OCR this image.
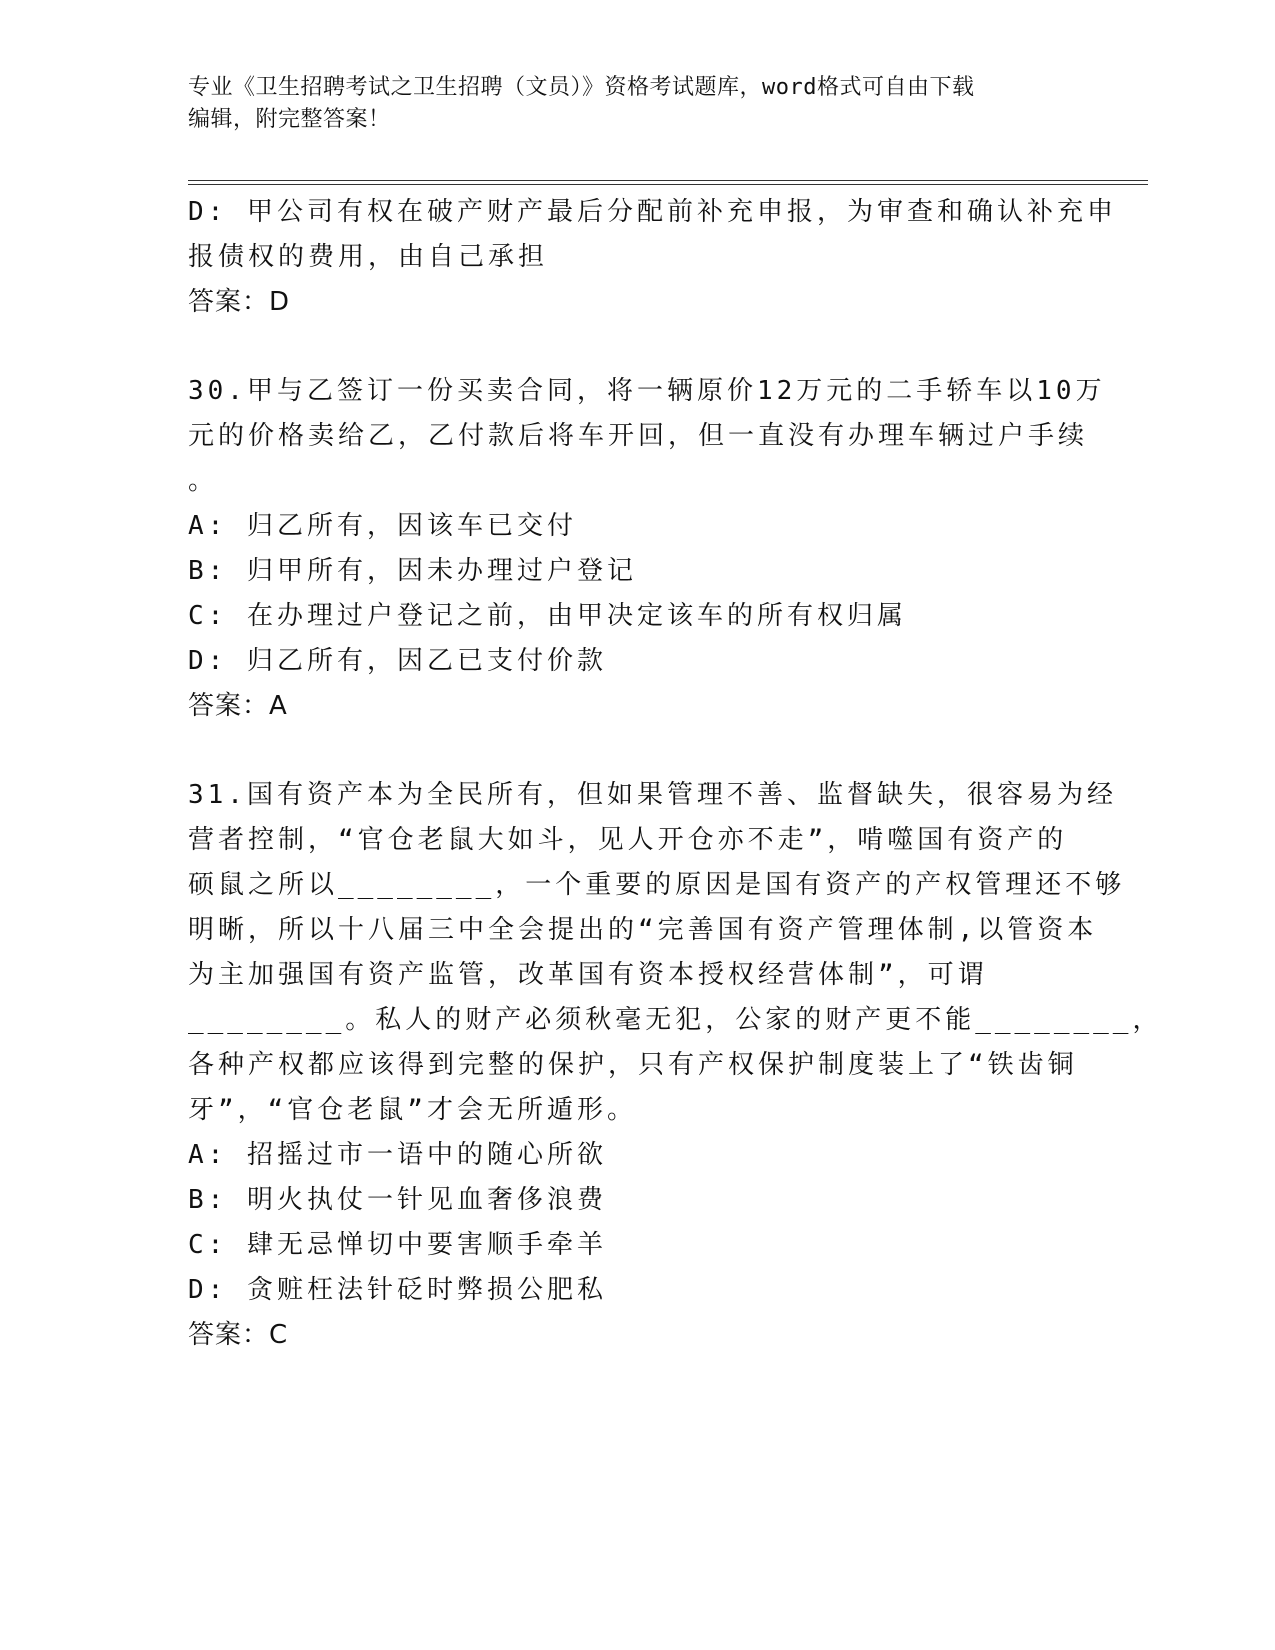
专业《卫生招聘考试之卫生招聘（文员）》资格考试题库，word格式可自由下载
编辑，附完整答案！
D: 甲公司有权在破产财产最后分配前补充申报，为审查和确认补充申
报债权的费用，由自己承担
答案：D
30.甲与乙签订一份买卖合同，将一辆原价12万元的二手轿车以10万
元的价格卖给乙，乙付款后将车开回，但一直没有办理车辆过户手续
。
A: 归乙所有，因该车已交付
B: 归甲所有，因未办理过户登记
C: 在办理过户登记之前，由甲决定该车的所有权归属
D: 归乙所有，因乙已支付价款
答案：A
31.国有资产本为全民所有，但如果管理不善、监督缺失，很容易为经
营者控制，“官仓老鼠大如斗，见人开仓亦不走”，啃噬国有资产的
硕鼠之所以________，一个重要的原因是国有资产的产权管理还不够
明晰，所以十八届三中全会提出的“完善国有资产管理体制,以管资本
为主加强国有资产监管，改革国有资本授权经营体制”，可谓
________。私人的财产必须秋毫无犯，公家的财产更不能________，
各种产权都应该得到完整的保护，只有产权保护制度装上了“铁齿铜
牙”，“官仓老鼠”才会无所遁形。
A: 招摇过市一语中的随心所欲
B: 明火执仗一针见血奢侈浪费
C: 肆无忌惮切中要害顺手牵羊
D: 贪赃枉法针砭时弊损公肥私
答案：C
